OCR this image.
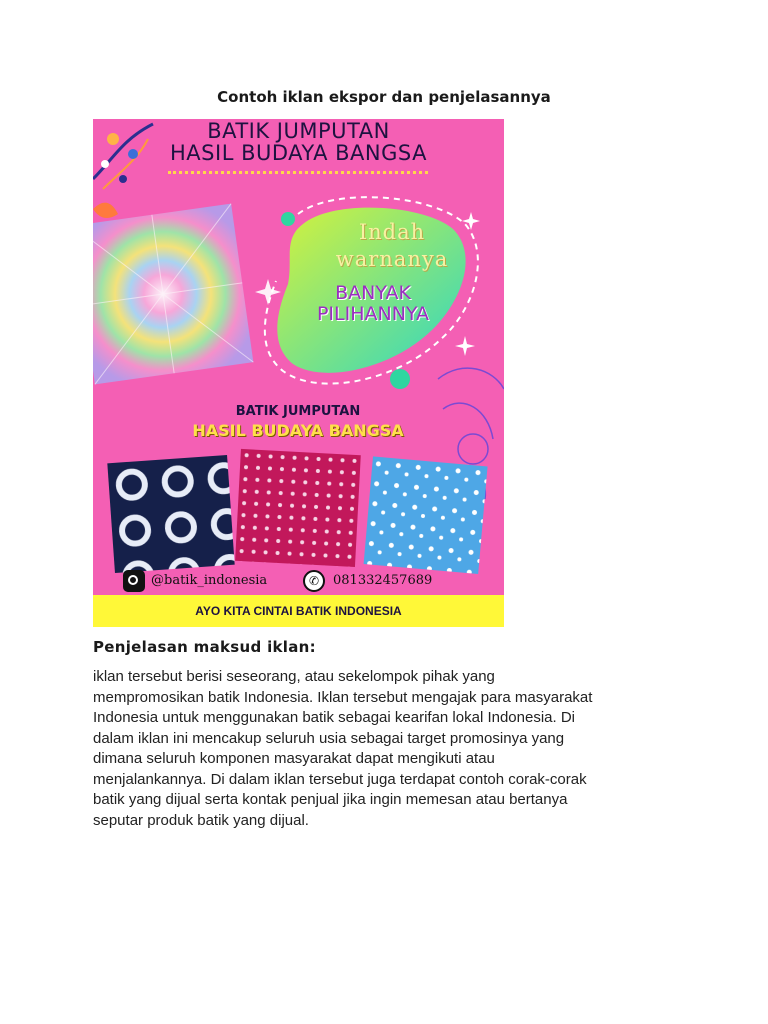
Contoh iklan ekspor dan penjelasannya
BATIK JUMPUTAN
HASIL BUDAYA BANGSA
Indah
warnanya
BANYAK
PILIHANNYA
BATIK JUMPUTAN
HASIL BUDAYA BANGSA
@batik_indonesia	✆	081332457689
AYO KITA CINTAI BATIK INDONESIA
Penjelasan maksud iklan:
iklan tersebut berisi seseorang, atau sekelompok pihak yang
mempromosikan batik Indonesia. Iklan tersebut mengajak para masyarakat
Indonesia untuk menggunakan batik sebagai kearifan lokal Indonesia. Di
dalam iklan ini mencakup seluruh usia sebagai target promosinya yang
dimana seluruh komponen masyarakat dapat mengikuti atau
menjalankannya. Di dalam iklan tersebut juga terdapat contoh corak-corak
batik yang dijual serta kontak penjual jika ingin memesan atau bertanya
seputar produk batik yang dijual.
